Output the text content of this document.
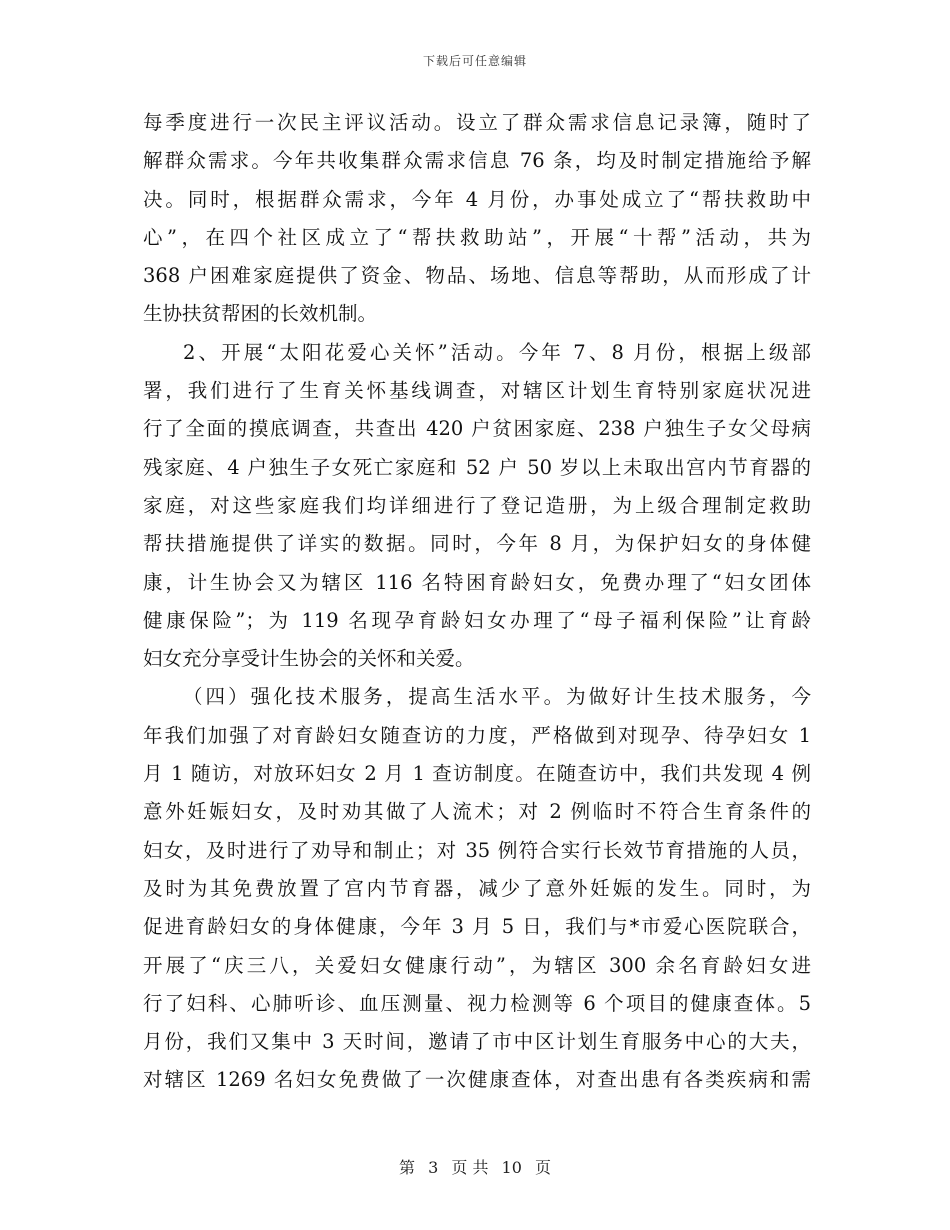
下载后可任意编辑
每季度进行一次民主评议活动。设立了群众需求信息记录簿，随时了
解群众需求。今年共收集群众需求信息 76 条，均及时制定措施给予解
决。同时，根据群众需求，今年 4 月份，办事处成立了“帮扶救助中
心”，在四个社区成立了“帮扶救助站”，开展“十帮”活动，共为
368 户困难家庭提供了资金、物品、场地、信息等帮助，从而形成了计
生协扶贫帮困的长效机制。
2、开展“太阳花爱心关怀”活动。今年 7、8 月份，根据上级部
署，我们进行了生育关怀基线调查，对辖区计划生育特别家庭状况进
行了全面的摸底调查，共查出 420 户贫困家庭、238 户独生子女父母病
残家庭、4 户独生子女死亡家庭和 52 户 50 岁以上未取出宫内节育器的
家庭，对这些家庭我们均详细进行了登记造册，为上级合理制定救助
帮扶措施提供了详实的数据。同时，今年 8 月，为保护妇女的身体健
康，计生协会又为辖区 116 名特困育龄妇女，免费办理了“妇女团体
健康保险”；为 119 名现孕育龄妇女办理了“母子福利保险”让育龄
妇女充分享受计生协会的关怀和关爱。
（四）强化技术服务，提高生活水平。为做好计生技术服务，今
年我们加强了对育龄妇女随查访的力度，严格做到对现孕、待孕妇女 1
月 1 随访，对放环妇女 2 月 1 查访制度。在随查访中，我们共发现 4 例
意外妊娠妇女，及时劝其做了人流术；对 2 例临时不符合生育条件的
妇女，及时进行了劝导和制止；对 35 例符合实行长效节育措施的人员，
及时为其免费放置了宫内节育器，减少了意外妊娠的发生。同时，为
促进育龄妇女的身体健康，今年 3 月 5 日，我们与*市爱心医院联合，
开展了“庆三八，关爱妇女健康行动”，为辖区 300 余名育龄妇女进
行了妇科、心肺听诊、血压测量、视力检测等 6 个项目的健康查体。5
月份，我们又集中 3 天时间，邀请了市中区计划生育服务中心的大夫，
对辖区 1269 名妇女免费做了一次健康查体，对查出患有各类疾病和需
第 3 页 共 10 页
